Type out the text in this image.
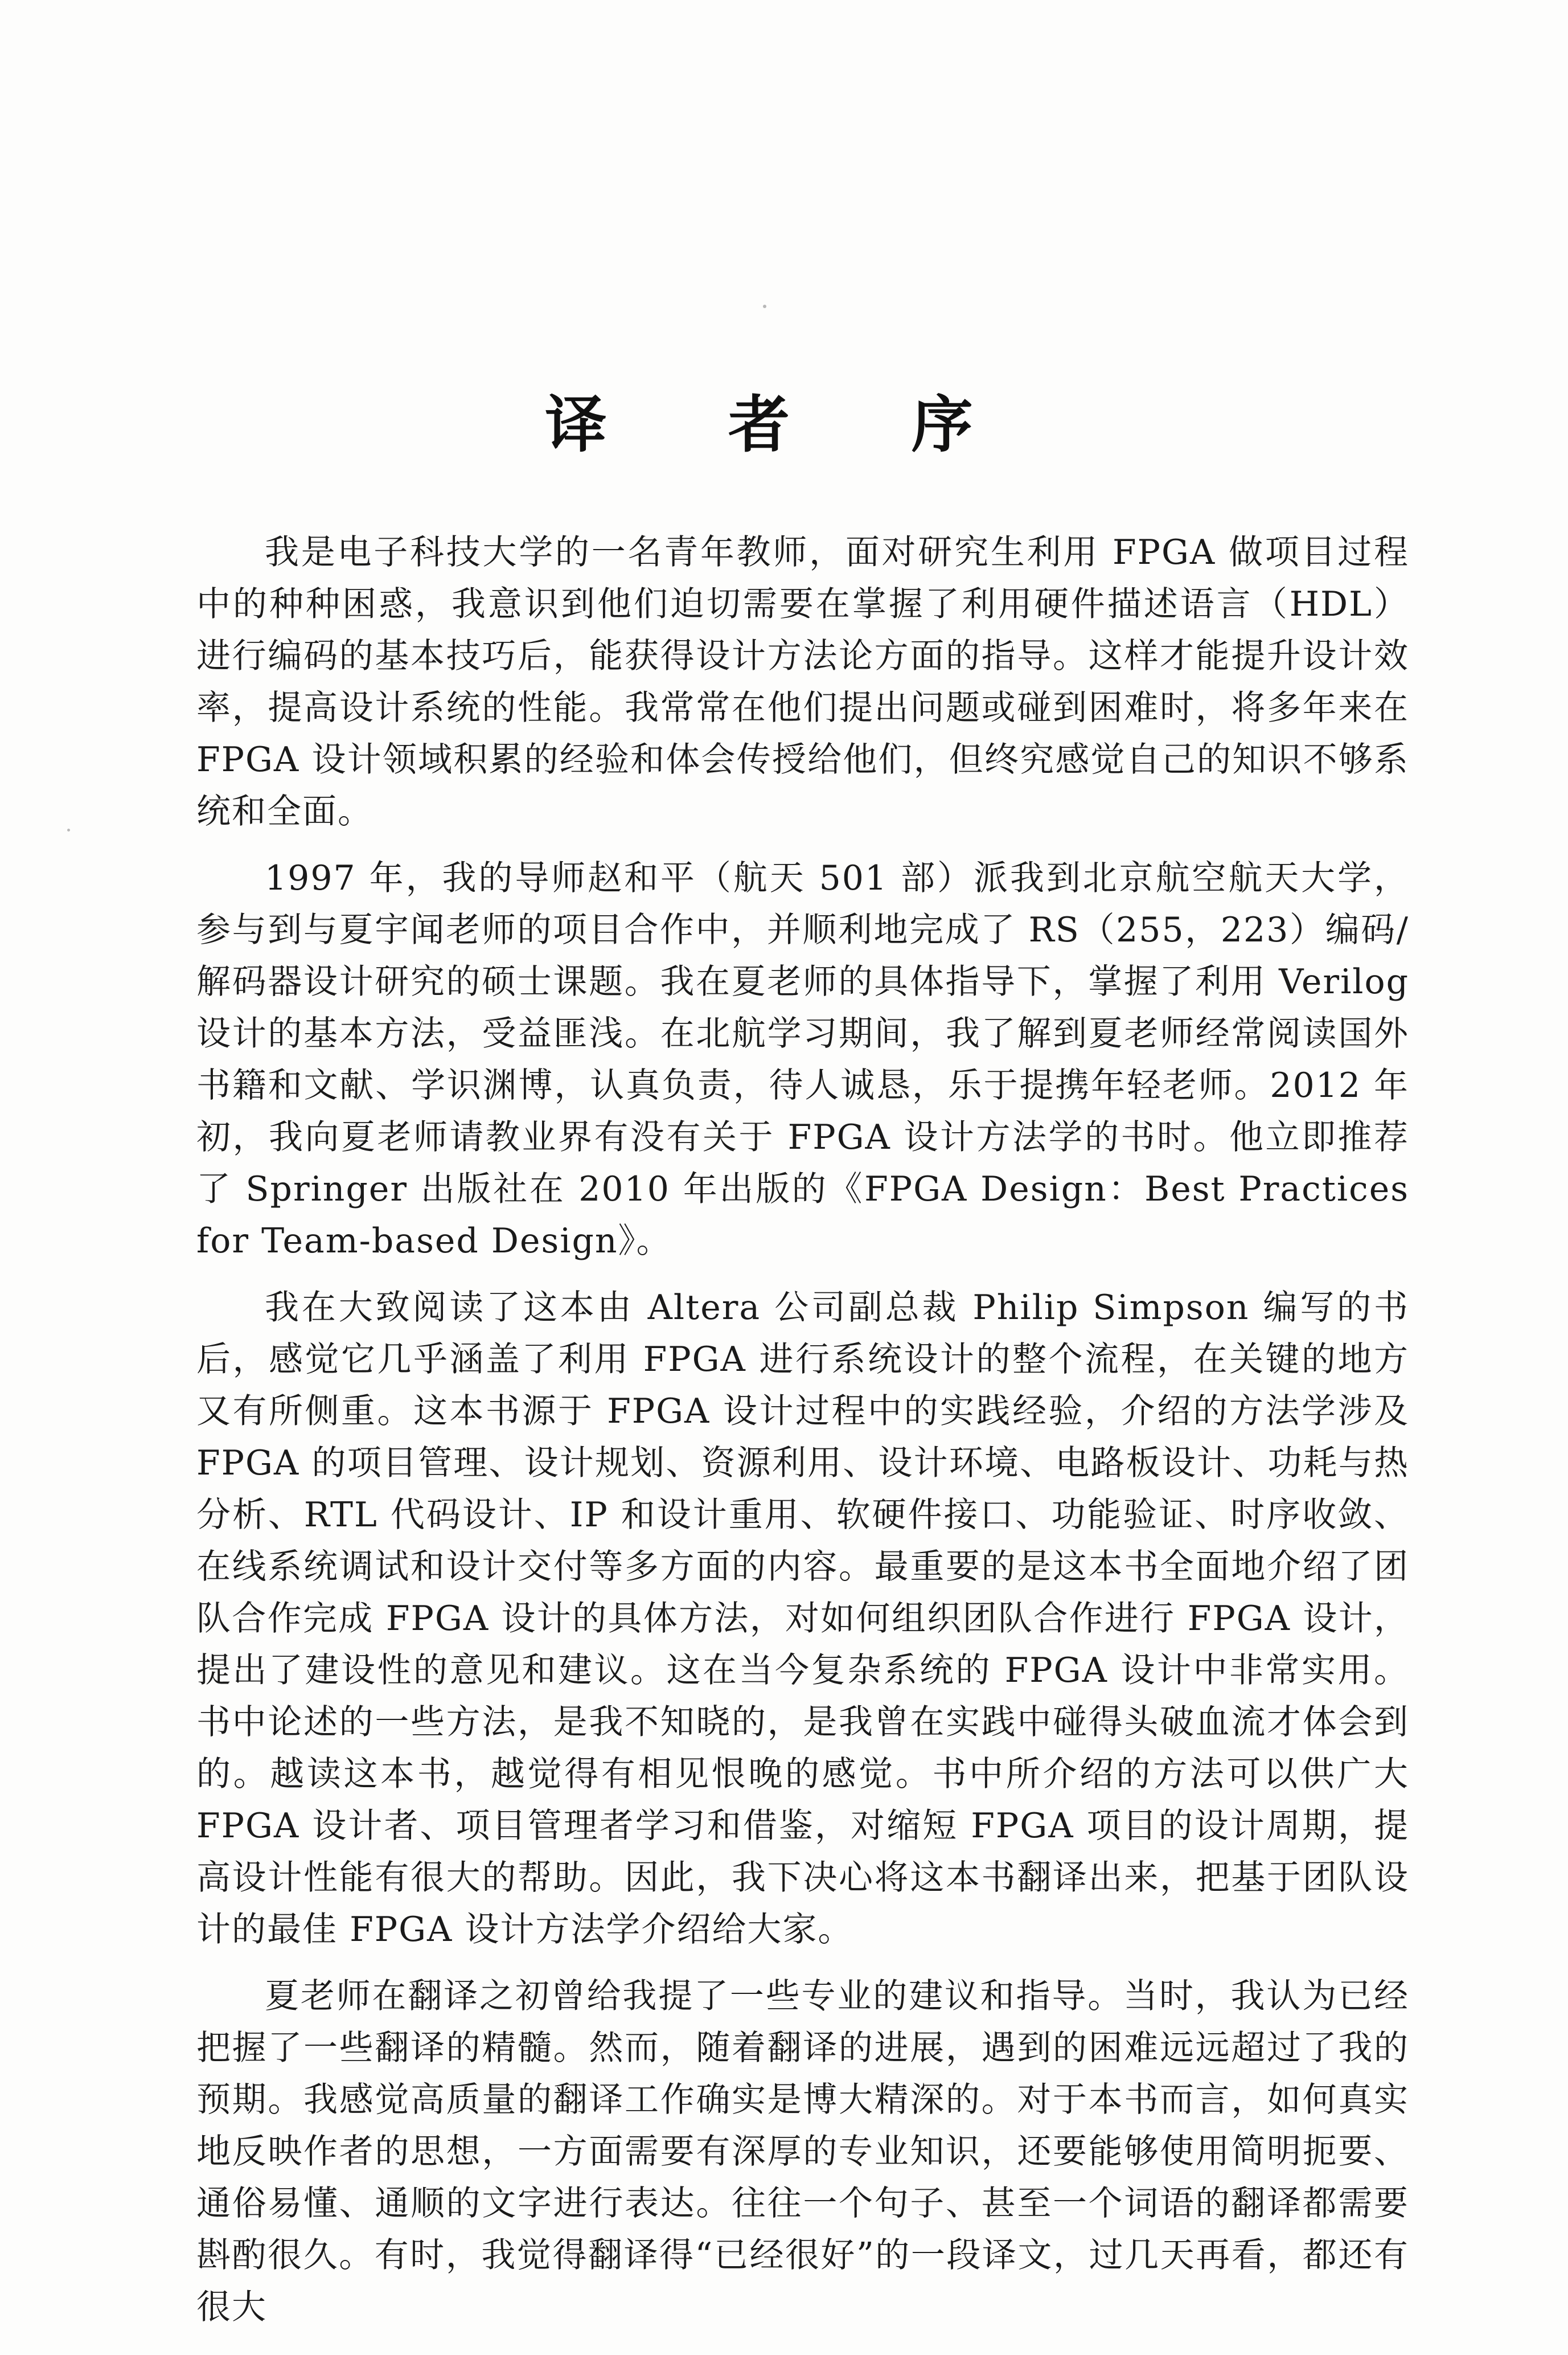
译 者 序

我是电子科技大学的一名青年教师，面对研究生利用 FPGA 做项目过程中的种种困惑，我意识到他们迫切需要在掌握了利用硬件描述语言（HDL）进行编码的基本技巧后，能获得设计方法论方面的指导。这样才能提升设计效率，提高设计系统的性能。我常常在他们提出问题或碰到困难时，将多年来在 FPGA 设计领域积累的经验和体会传授给他们，但终究感觉自己的知识不够系统和全面。

1997 年，我的导师赵和平（航天 501 部）派我到北京航空航天大学，参与到与夏宇闻老师的项目合作中，并顺利地完成了 RS（255，223）编码/解码器设计研究的硕士课题。我在夏老师的具体指导下，掌握了利用 Verilog 设计的基本方法，受益匪浅。在北航学习期间，我了解到夏老师经常阅读国外书籍和文献、学识渊博，认真负责，待人诚恳，乐于提携年轻老师。2012 年初，我向夏老师请教业界有没有关于 FPGA 设计方法学的书时。他立即推荐了 Springer 出版社在 2010 年出版的《FPGA Design：Best Practices for Team-based Design》。

我在大致阅读了这本由 Altera 公司副总裁 Philip Simpson 编写的书后，感觉它几乎涵盖了利用 FPGA 进行系统设计的整个流程，在关键的地方又有所侧重。这本书源于 FPGA 设计过程中的实践经验，介绍的方法学涉及 FPGA 的项目管理、设计规划、资源利用、设计环境、电路板设计、功耗与热分析、RTL 代码设计、IP 和设计重用、软硬件接口、功能验证、时序收敛、在线系统调试和设计交付等多方面的内容。最重要的是这本书全面地介绍了团队合作完成 FPGA 设计的具体方法，对如何组织团队合作进行 FPGA 设计，提出了建设性的意见和建议。这在当今复杂系统的 FPGA 设计中非常实用。书中论述的一些方法，是我不知晓的，是我曾在实践中碰得头破血流才体会到的。越读这本书，越觉得有相见恨晚的感觉。书中所介绍的方法可以供广大 FPGA 设计者、项目管理者学习和借鉴，对缩短 FPGA 项目的设计周期，提高设计性能有很大的帮助。因此，我下决心将这本书翻译出来，把基于团队设计的最佳 FPGA 设计方法学介绍给大家。

夏老师在翻译之初曾给我提了一些专业的建议和指导。当时，我认为已经把握了一些翻译的精髓。然而，随着翻译的进展，遇到的困难远远超过了我的预期。我感觉高质量的翻译工作确实是博大精深的。对于本书而言，如何真实地反映作者的思想，一方面需要有深厚的专业知识，还要能够使用简明扼要、通俗易懂、通顺的文字进行表达。往往一个句子、甚至一个词语的翻译都需要斟酌很久。有时，我觉得翻译得“已经很好”的一段译文，过几天再看，都还有很大
